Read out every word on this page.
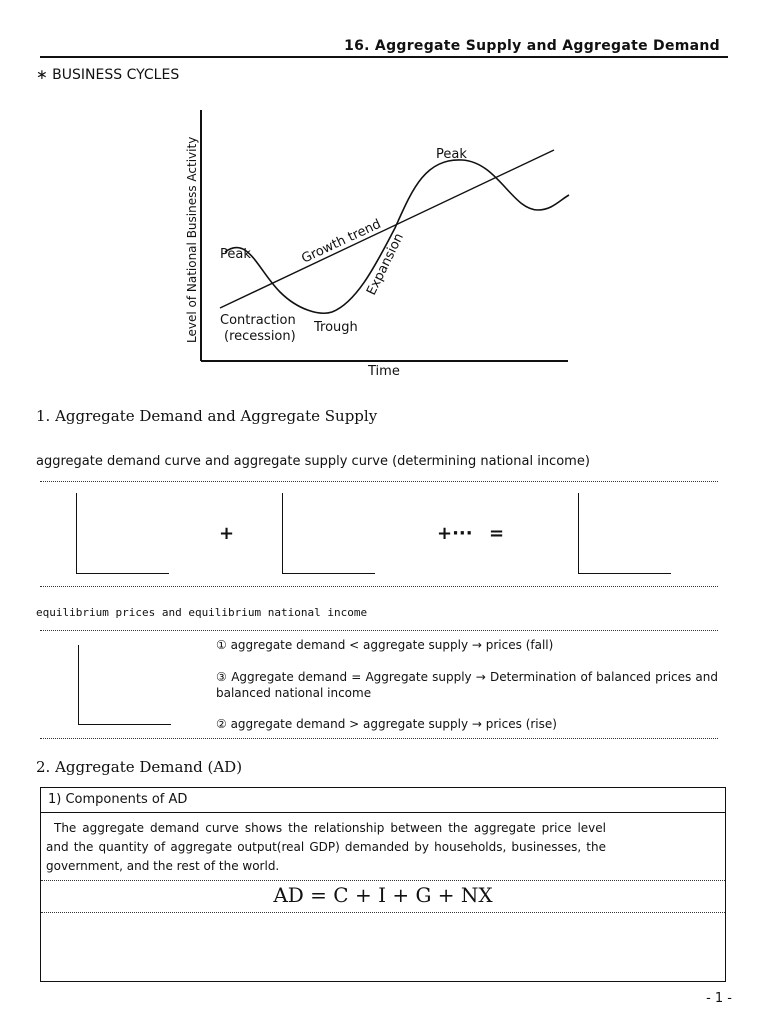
16. Aggregate Supply and Aggregate Demand
∗ BUSINESS CYCLES
Level of National Business Activity
Time
Peak
Peak
Growth trend
Expansion
Contraction
(recession)
Trough
1. Aggregate Demand and Aggregate Supply
aggregate demand curve and aggregate supply curve (determining national income)
+	+··· =
equilibrium prices and equilibrium national income
① aggregate demand < aggregate supply → prices (fall)
③ Aggregate demand = Aggregate supply → Determination of balanced prices and balanced national income
② aggregate demand > aggregate supply → prices (rise)
2. Aggregate Demand (AD)
1) Components of AD
The aggregate demand curve shows the relationship between the aggregate price level and the quantity of aggregate output(real GDP) demanded by households, businesses, the government, and the rest of the world.
AD = C + I + G + NX
- 1 -
